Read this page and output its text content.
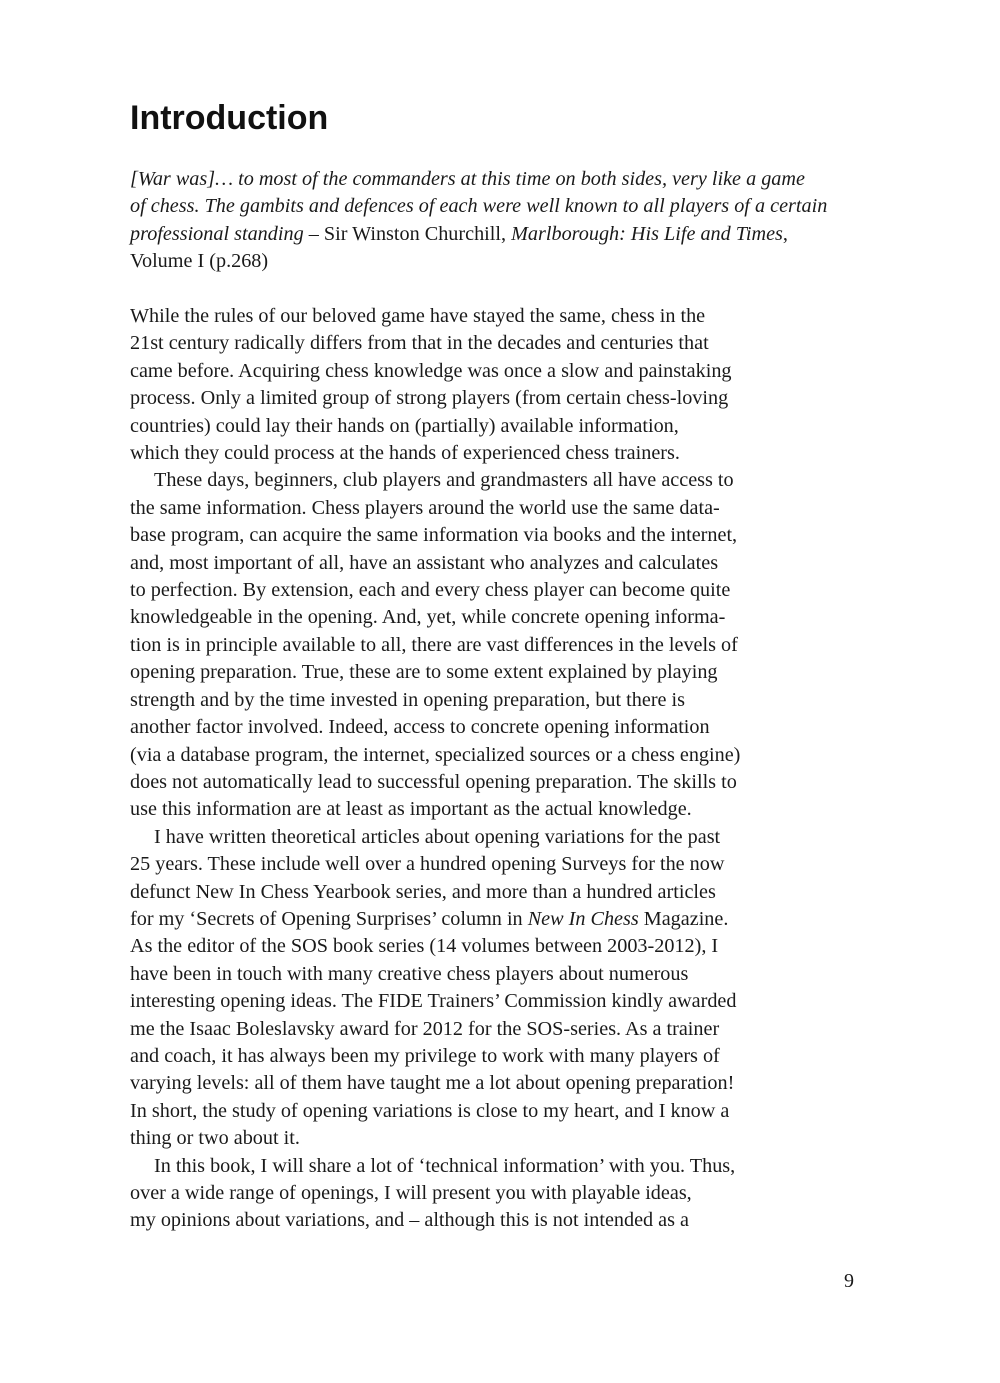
Introduction
[War was]… to most of the commanders at this time on both sides, very like a game
of chess. The gambits and defences of each were well known to all players of a certain
professional standing – Sir Winston Churchill, Marlborough: His Life and Times,
Volume I (p.268)
While the rules of our beloved game have stayed the same, chess in the
21st century radically differs from that in the decades and centuries that
came before. Acquiring chess knowledge was once a slow and painstaking
process. Only a limited group of strong players (from certain chess-loving
countries) could lay their hands on (partially) available information,
which they could process at the hands of experienced chess trainers.
These days, beginners, club players and grandmasters all have access to
the same information. Chess players around the world use the same data-
base program, can acquire the same information via books and the internet,
and, most important of all, have an assistant who analyzes and calculates
to perfection. By extension, each and every chess player can become quite
knowledgeable in the opening. And, yet, while concrete opening informa-
tion is in principle available to all, there are vast differences in the levels of
opening preparation. True, these are to some extent explained by playing
strength and by the time invested in opening preparation, but there is
another factor involved. Indeed, access to concrete opening information
(via a database program, the internet, specialized sources or a chess engine)
does not automatically lead to successful opening preparation. The skills to
use this information are at least as important as the actual knowledge.
I have written theoretical articles about opening variations for the past
25 years. These include well over a hundred opening Surveys for the now
defunct New In Chess Yearbook series, and more than a hundred articles
for my ‘Secrets of Opening Surprises’ column in New In Chess Magazine.
As the editor of the SOS book series (14 volumes between 2003-2012), I
have been in touch with many creative chess players about numerous
interesting opening ideas. The FIDE Trainers’ Commission kindly awarded
me the Isaac Boleslavsky award for 2012 for the SOS-series. As a trainer
and coach, it has always been my privilege to work with many players of
varying levels: all of them have taught me a lot about opening preparation!
In short, the study of opening variations is close to my heart, and I know a
thing or two about it.
In this book, I will share a lot of ‘technical information’ with you. Thus,
over a wide range of openings, I will present you with playable ideas,
my opinions about variations, and – although this is not intended as a
9
